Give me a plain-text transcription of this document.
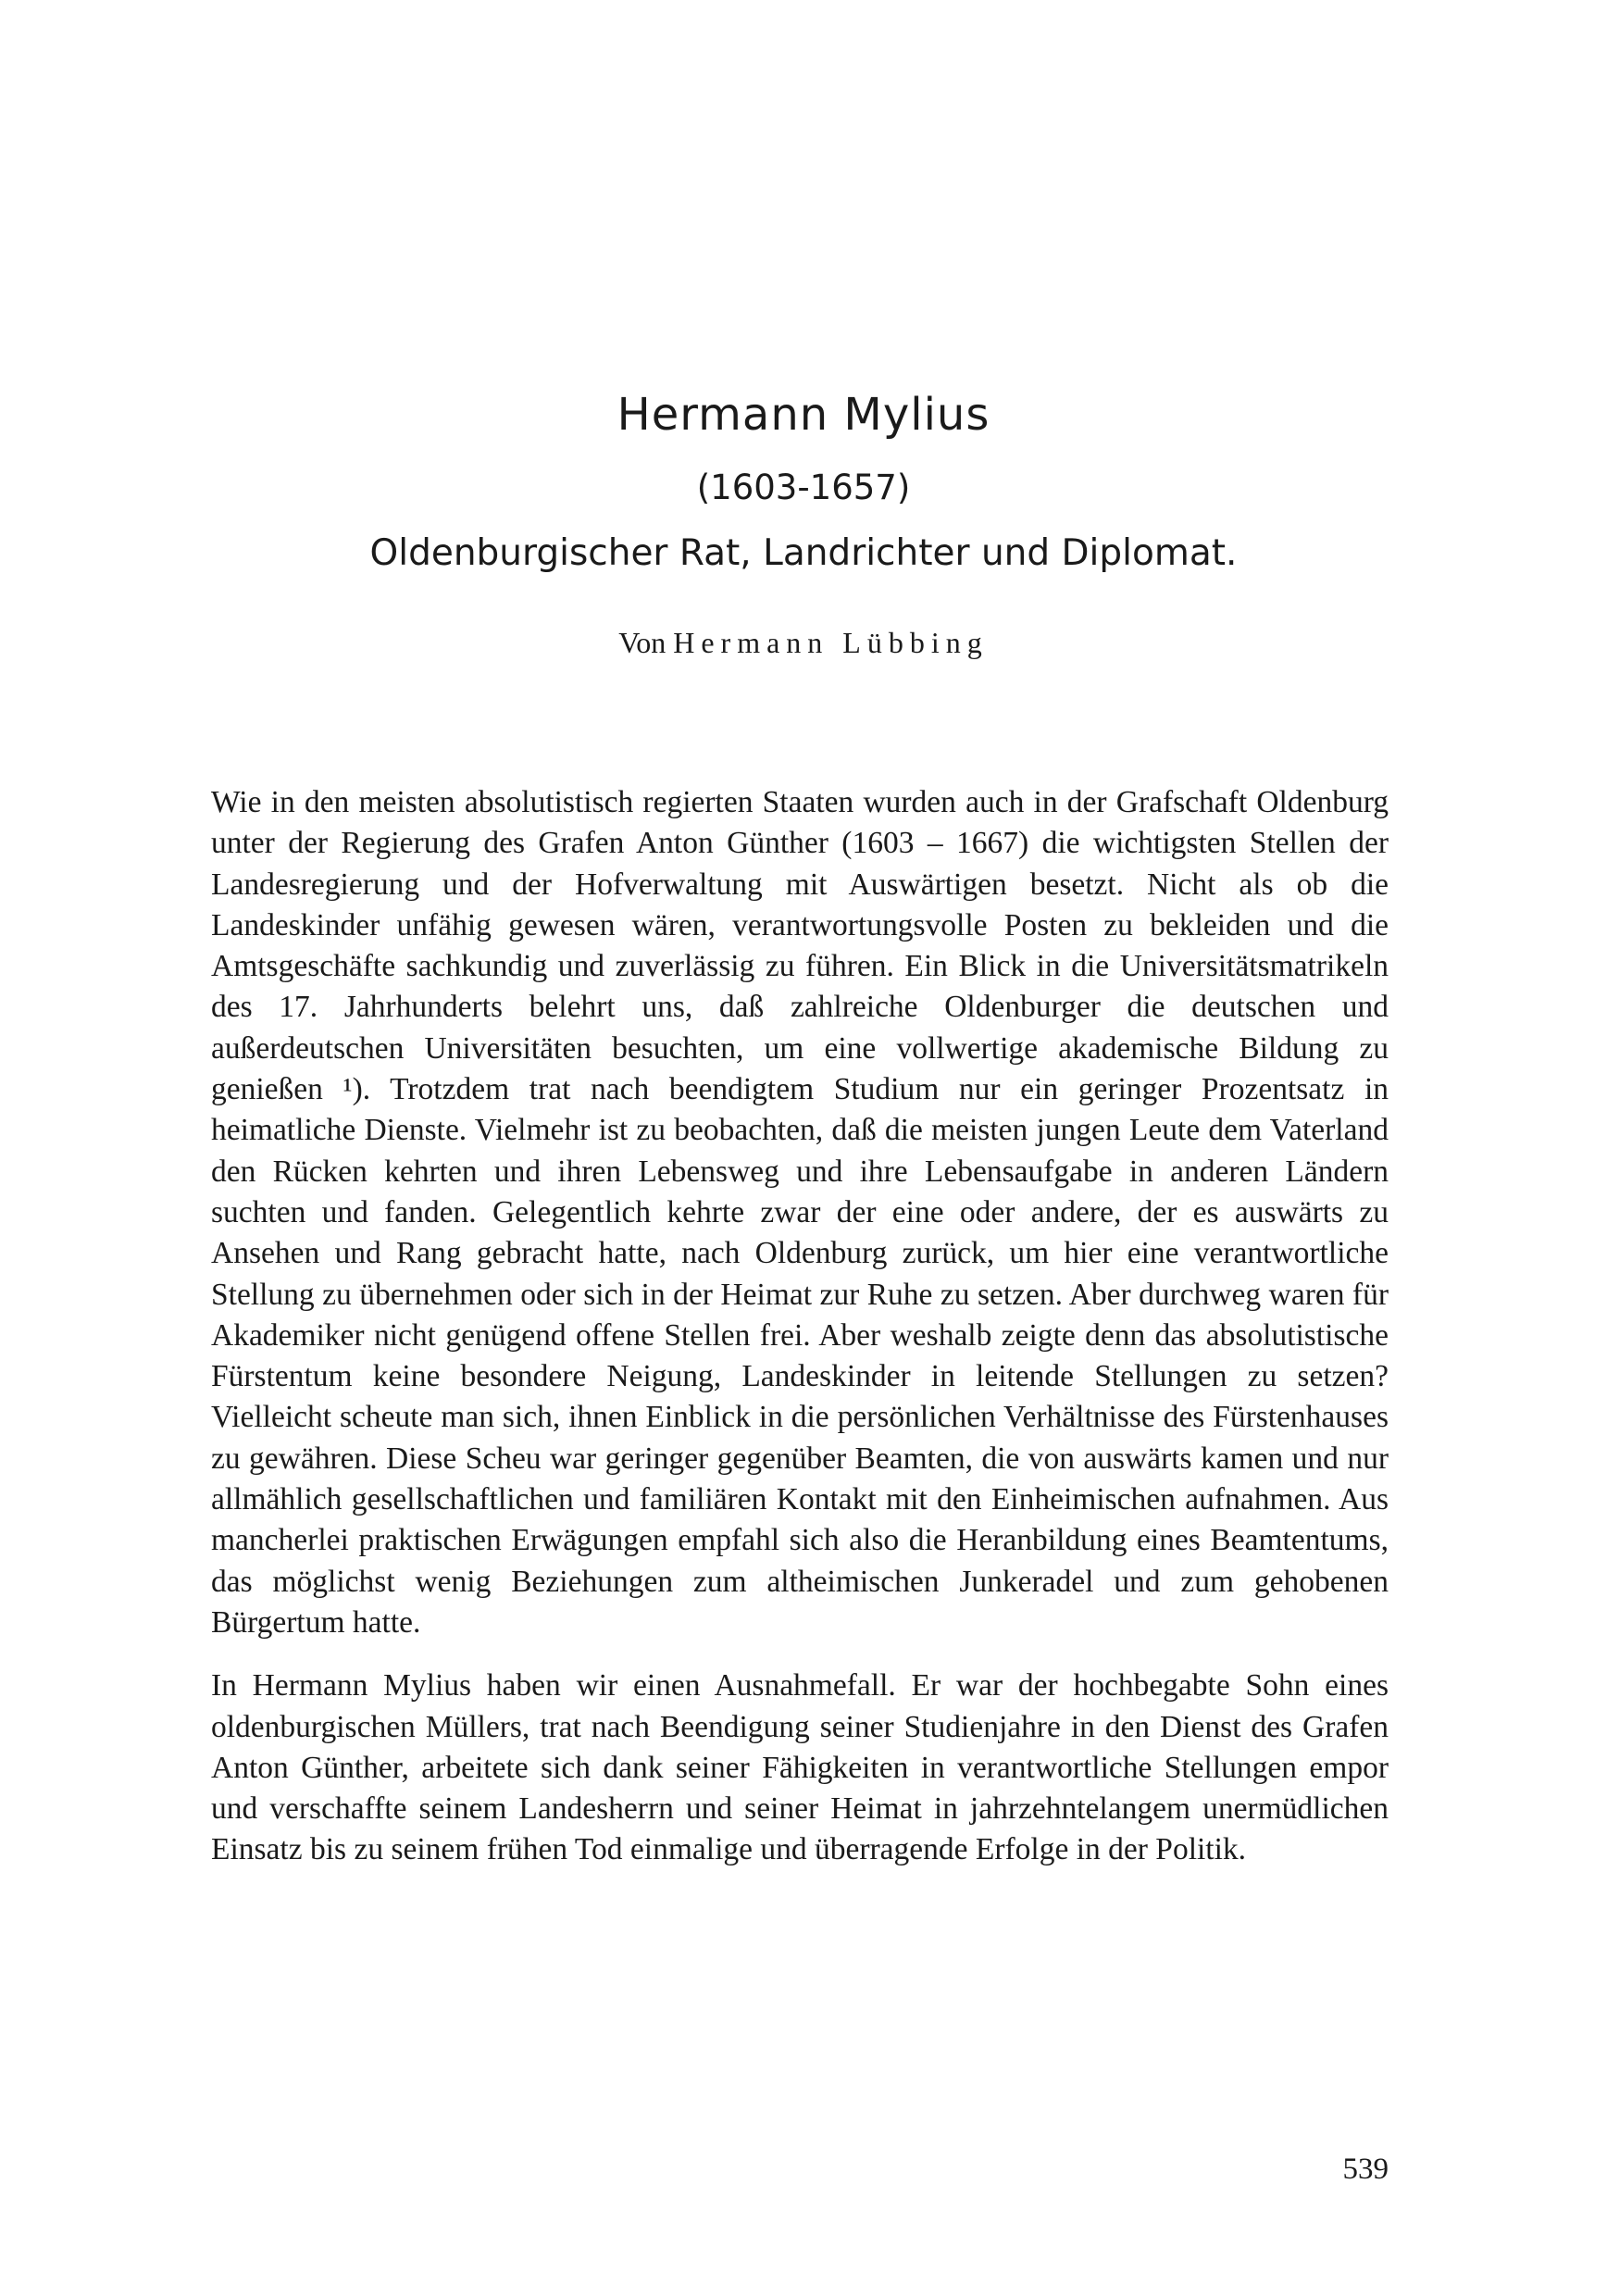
Hermann Mylius
(1603-1657)
Oldenburgischer Rat, Landrichter und Diplomat.
Von Hermann Lübbing

Wie in den meisten absolutistisch regierten Staaten wurden auch in der Grafschaft Oldenburg unter der Regierung des Grafen Anton Günther (1603 – 1667) die wichtigsten Stellen der Landesregierung und der Hofverwaltung mit Auswärtigen besetzt. Nicht als ob die Landeskinder unfähig gewesen wären, verantwortungsvolle Posten zu bekleiden und die Amtsgeschäfte sachkundig und zuverlässig zu führen. Ein Blick in die Universitätsmatrikeln des 17. Jahrhunderts belehrt uns, daß zahlreiche Oldenburger die deutschen und außerdeutschen Universitäten besuchten, um eine vollwertige akademische Bildung zu genießen ¹). Trotzdem trat nach beendigtem Studium nur ein geringer Prozentsatz in heimatliche Dienste. Vielmehr ist zu beobachten, daß die meisten jungen Leute dem Vaterland den Rücken kehrten und ihren Lebensweg und ihre Lebensaufgabe in anderen Ländern suchten und fanden. Gelegentlich kehrte zwar der eine oder andere, der es auswärts zu Ansehen und Rang gebracht hatte, nach Oldenburg zurück, um hier eine verantwortliche Stellung zu übernehmen oder sich in der Heimat zur Ruhe zu setzen. Aber durchweg waren für Akademiker nicht genügend offene Stellen frei. Aber weshalb zeigte denn das absolutistische Fürstentum keine besondere Neigung, Landeskinder in leitende Stellungen zu setzen? Vielleicht scheute man sich, ihnen Einblick in die persönlichen Verhältnisse des Fürstenhauses zu gewähren. Diese Scheu war geringer gegenüber Beamten, die von auswärts kamen und nur allmählich gesellschaftlichen und familiären Kontakt mit den Einheimischen aufnahmen. Aus mancherlei praktischen Erwägungen empfahl sich also die Heranbildung eines Beamtentums, das möglichst wenig Beziehungen zum altheimischen Junkeradel und zum gehobenen Bürgertum hatte.

In Hermann Mylius haben wir einen Ausnahmefall. Er war der hochbegabte Sohn eines oldenburgischen Müllers, trat nach Beendigung seiner Studienjahre in den Dienst des Grafen Anton Günther, arbeitete sich dank seiner Fähigkeiten in verantwortliche Stellungen empor und verschaffte seinem Landesherrn und seiner Heimat in jahrzehntelangem unermüdlichen Einsatz bis zu seinem frühen Tod einmalige und überragende Erfolge in der Politik.

539
